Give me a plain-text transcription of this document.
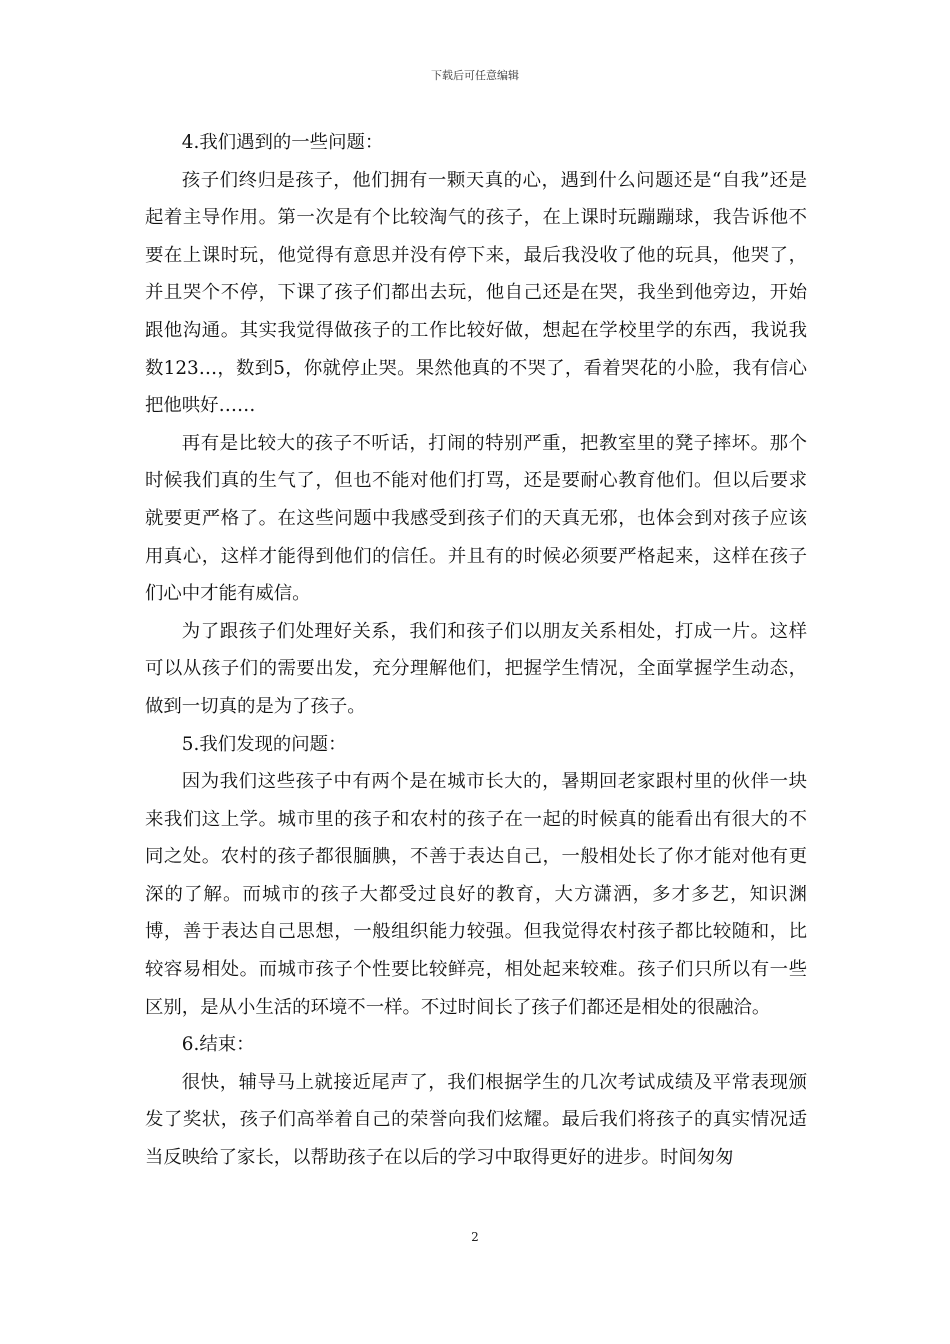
下载后可任意编辑

4.我们遇到的一些问题：

孩子们终归是孩子，他们拥有一颗天真的心，遇到什么问题还是“自我”还是起着主导作用。第一次是有个比较淘气的孩子，在上课时玩蹦蹦球，我告诉他不要在上课时玩，他觉得有意思并没有停下来，最后我没收了他的玩具，他哭了，并且哭个不停，下课了孩子们都出去玩，他自己还是在哭，我坐到他旁边，开始跟他沟通。其实我觉得做孩子的工作比较好做，想起在学校里学的东西，我说我数123…，数到5，你就停止哭。果然他真的不哭了，看着哭花的小脸，我有信心把他哄好……

再有是比较大的孩子不听话，打闹的特别严重，把教室里的凳子摔坏。那个时候我们真的生气了，但也不能对他们打骂，还是要耐心教育他们。但以后要求就要更严格了。在这些问题中我感受到孩子们的天真无邪，也体会到对孩子应该用真心，这样才能得到他们的信任。并且有的时候必须要严格起来，这样在孩子们心中才能有威信。

为了跟孩子们处理好关系，我们和孩子们以朋友关系相处，打成一片。这样可以从孩子们的需要出发，充分理解他们，把握学生情况，全面掌握学生动态，做到一切真的是为了孩子。

5.我们发现的问题：

因为我们这些孩子中有两个是在城市长大的，暑期回老家跟村里的伙伴一块来我们这上学。城市里的孩子和农村的孩子在一起的时候真的能看出有很大的不同之处。农村的孩子都很腼腆，不善于表达自己，一般相处长了你才能对他有更深的了解。而城市的孩子大都受过良好的教育，大方潇洒，多才多艺，知识渊博，善于表达自己思想，一般组织能力较强。但我觉得农村孩子都比较随和，比较容易相处。而城市孩子个性要比较鲜亮，相处起来较难。孩子们只所以有一些区别，是从小生活的环境不一样。不过时间长了孩子们都还是相处的很融洽。

6.结束：

很快，辅导马上就接近尾声了，我们根据学生的几次考试成绩及平常表现颁发了奖状，孩子们高举着自己的荣誉向我们炫耀。最后我们将孩子的真实情况适当反映给了家长，以帮助孩子在以后的学习中取得更好的进步。时间匆匆

2
